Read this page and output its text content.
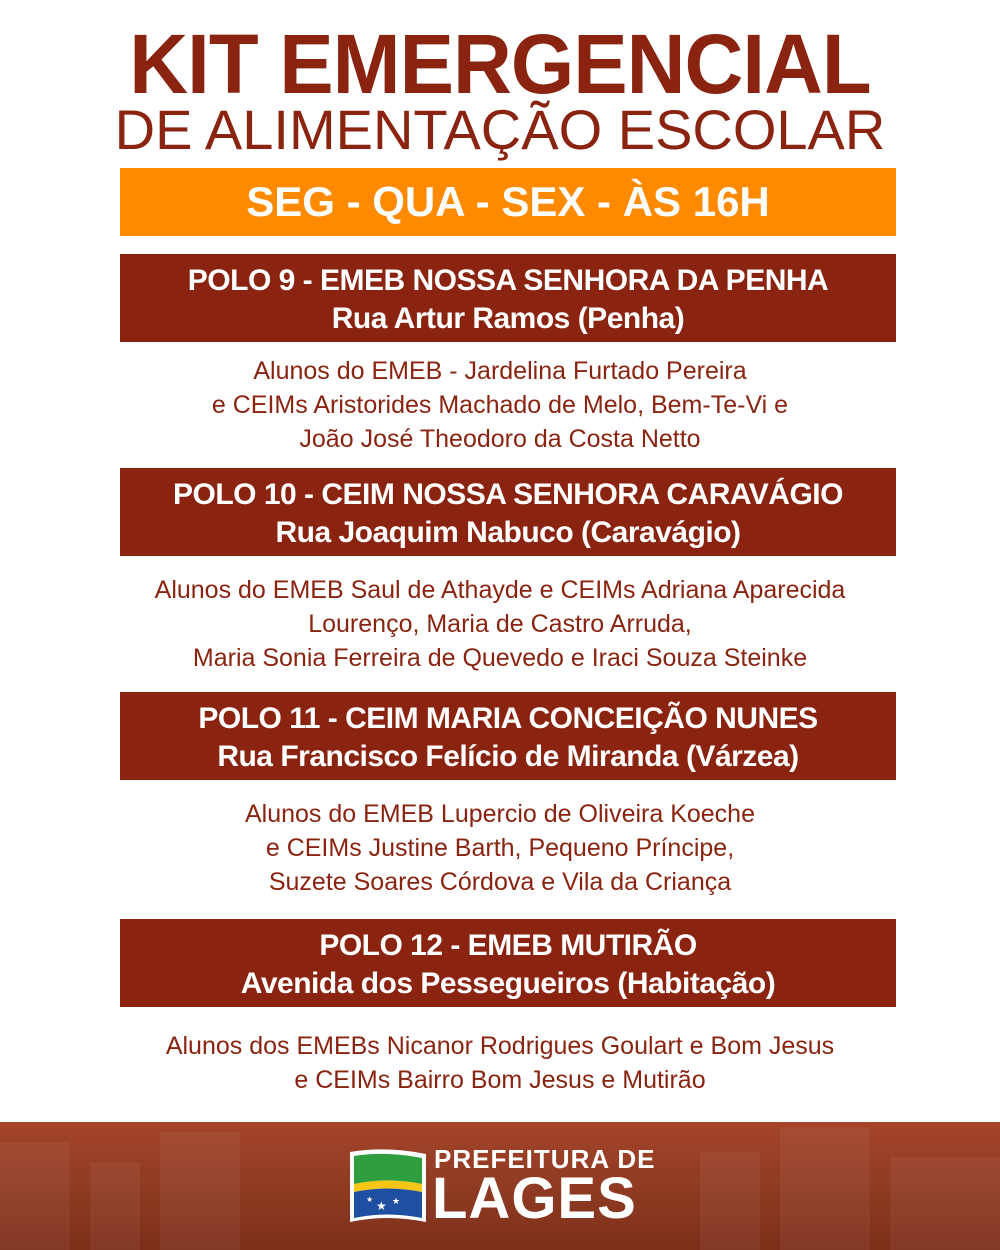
KIT EMERGENCIAL
DE ALIMENTAÇÃO ESCOLAR
SEG - QUA - SEX - ÀS 16H
POLO 9 - EMEB NOSSA SENHORA DA PENHA
Rua Artur Ramos (Penha)
Alunos do EMEB - Jardelina Furtado Pereira
e CEIMs Aristorides Machado de Melo, Bem-Te-Vi e
João José Theodoro da Costa Netto
POLO 10 - CEIM NOSSA SENHORA CARAVÁGIO
Rua Joaquim Nabuco (Caravágio)
Alunos do EMEB Saul de Athayde e CEIMs Adriana Aparecida
Lourenço, Maria de Castro Arruda,
Maria Sonia Ferreira de Quevedo e Iraci Souza Steinke
POLO 11 - CEIM MARIA CONCEIÇÃO NUNES
Rua Francisco Felício de Miranda (Várzea)
Alunos do EMEB Lupercio de Oliveira Koeche
e CEIMs Justine Barth, Pequeno Príncipe,
Suzete Soares Córdova e Vila da Criança
POLO 12 - EMEB MUTIRÃO
Avenida dos Pessegueiros (Habitação)
Alunos dos EMEBs Nicanor Rodrigues Goulart e Bom Jesus
e CEIMs Bairro Bom Jesus e Mutirão
★ ★
★
PREFEITURA DE
LAGES
